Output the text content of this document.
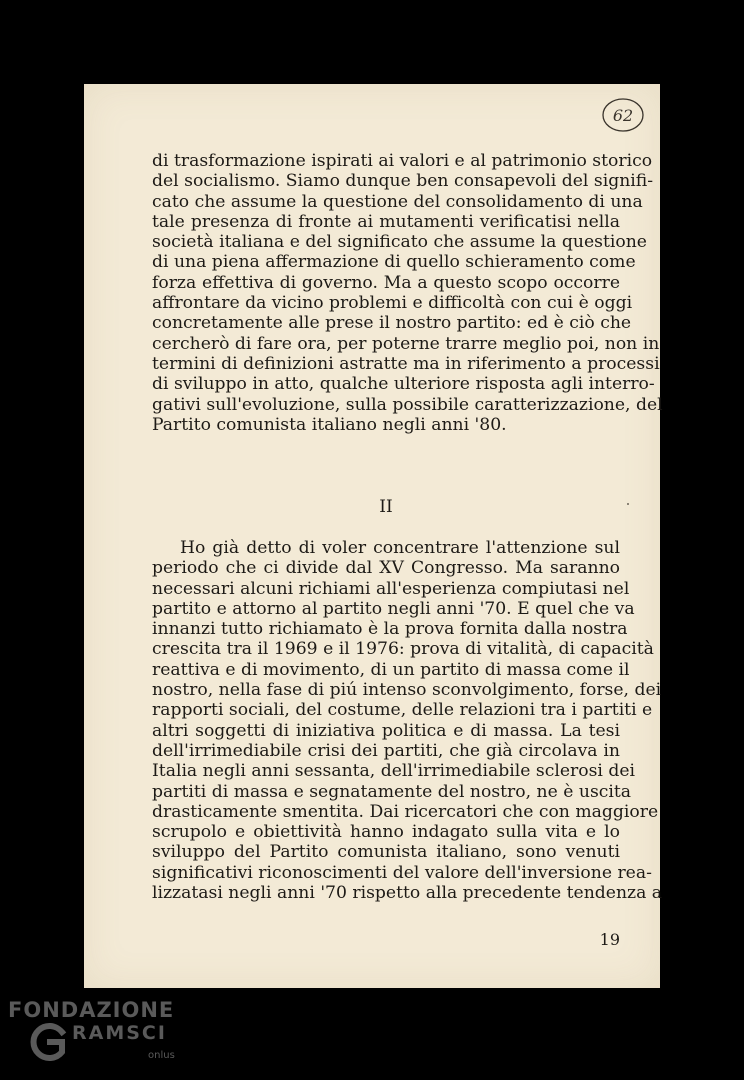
62
di trasformazione ispirati ai valori e al patrimonio storico
del socialismo. Siamo dunque ben consapevoli del signifi-
cato che assume la questione del consolidamento di una
tale presenza di fronte ai mutamenti verificatisi nella
società italiana e del significato che assume la questione
di una piena affermazione di quello schieramento come
forza effettiva di governo. Ma a questo scopo occorre
affrontare da vicino problemi e difficoltà con cui è oggi
concretamente alle prese il nostro partito: ed è ciò che
cercherò di fare ora, per poterne trarre meglio poi, non in
termini di definizioni astratte ma in riferimento a processi
di sviluppo in atto, qualche ulteriore risposta agli interro-
gativi sull'evoluzione, sulla possibile caratterizzazione, del
Partito comunista italiano negli anni '80.
II
Ho già detto di voler concentrare l'attenzione sul
periodo che ci divide dal XV Congresso. Ma saranno
necessari alcuni richiami all'esperienza compiutasi nel
partito e attorno al partito negli anni '70. E quel che va
innanzi tutto richiamato è la prova fornita dalla nostra
crescita tra il 1969 e il 1976: prova di vitalità, di capacità
reattiva e di movimento, di un partito di massa come il
nostro, nella fase di piú intenso sconvolgimento, forse, dei
rapporti sociali, del costume, delle relazioni tra i partiti e
altri soggetti di iniziativa politica e di massa. La tesi
dell'irrimediabile crisi dei partiti, che già circolava in
Italia negli anni sessanta, dell'irrimediabile sclerosi dei
partiti di massa e segnatamente del nostro, ne è uscita
drasticamente smentita. Dai ricercatori che con maggiore
scrupolo e obiettività hanno indagato sulla vita e lo
sviluppo del Partito comunista italiano, sono venuti
significativi riconoscimenti del valore dell'inversione rea-
lizzatasi negli anni '70 rispetto alla precedente tendenza a
19
FONDAZIONE
RAMSCI
onlus
